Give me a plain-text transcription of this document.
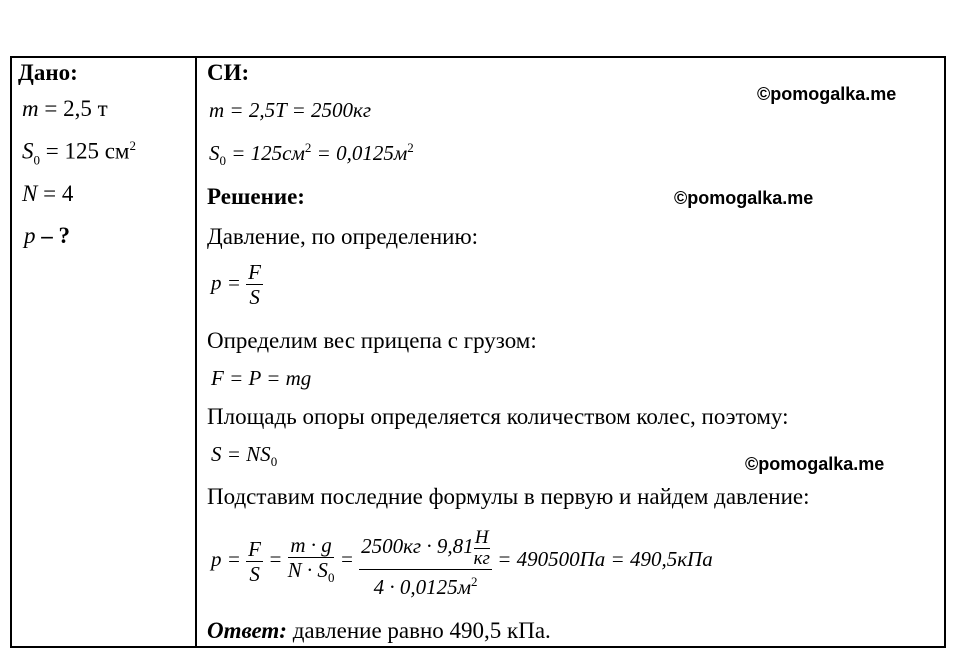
Дано:
m = 2,5 т
$S_0 = 125$ $см^2$
N = 4
p – ?
СИ:
m = 2,5T = 2500кг
$S_0 = 125см^2 = 0,0125м^2$
©pomogalka.me
Решение:	©pomogalka.me
Давление, по определению:
$p = \frac{F}{S}$
Определим вес прицепа с грузом:
F = P = mg
Площадь опоры определяется количеством колес, поэтому:
$S = NS_0$	©pomogalka.me
Подставим последние формулы в первую и найдем давление:
$p = \frac{F}{S} = \frac{m \cdot g}{N \cdot S_0} = \frac{2500кг \cdot 9,81 \frac{Н}{кг}}{4 \cdot 0,0125м^2} = 490500Па = 490,5кПа$
Ответ: давление равно 490,5 кПа.
